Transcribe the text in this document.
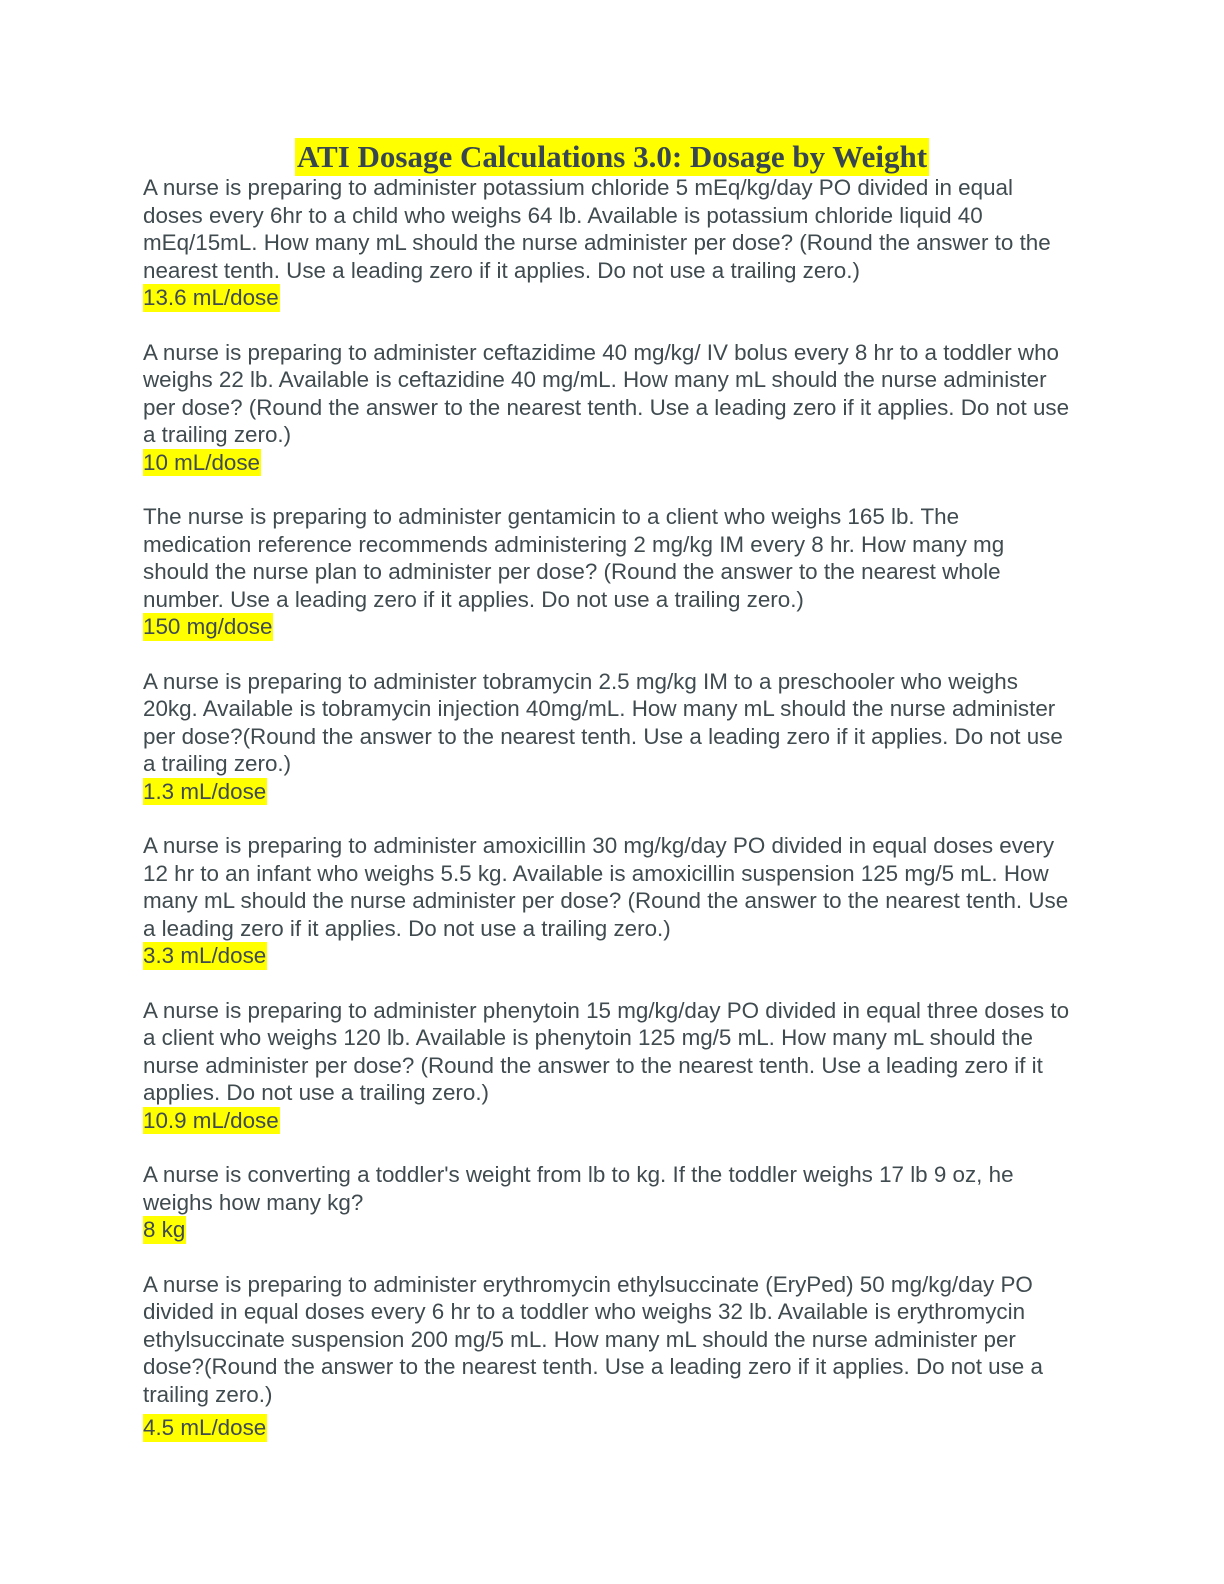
ATI Dosage Calculations 3.0: Dosage by Weight

A nurse is preparing to administer potassium chloride 5 mEq/kg/day PO divided in equal doses every 6hr to a child who weighs 64 lb. Available is potassium chloride liquid 40 mEq/15mL. How many mL should the nurse administer per dose? (Round the answer to the nearest tenth. Use a leading zero if it applies. Do not use a trailing zero.)

13.6 mL/dose

A nurse is preparing to administer ceftazidime 40 mg/kg/ IV bolus every 8 hr to a toddler who weighs 22 lb. Available is ceftazidine 40 mg/mL. How many mL should the nurse administer per dose? (Round the answer to the nearest tenth. Use a leading zero if it applies. Do not use a trailing zero.)

10 mL/dose

The nurse is preparing to administer gentamicin to a client who weighs 165 lb. The medication reference recommends administering 2 mg/kg IM every 8 hr. How many mg should the nurse plan to administer per dose? (Round the answer to the nearest whole number. Use a leading zero if it applies. Do not use a trailing zero.)

150 mg/dose

A nurse is preparing to administer tobramycin 2.5 mg/kg IM to a preschooler who weighs 20kg. Available is tobramycin injection 40mg/mL. How many mL should the nurse administer per dose?(Round the answer to the nearest tenth. Use a leading zero if it applies. Do not use a trailing zero.)

1.3 mL/dose

A nurse is preparing to administer amoxicillin 30 mg/kg/day PO divided in equal doses every 12 hr to an infant who weighs 5.5 kg. Available is amoxicillin suspension 125 mg/5 mL. How many mL should the nurse administer per dose? (Round the answer to the nearest tenth. Use a leading zero if it applies. Do not use a trailing zero.)

3.3 mL/dose

A nurse is preparing to administer phenytoin 15 mg/kg/day PO divided in equal three doses to a client who weighs 120 lb. Available is phenytoin 125 mg/5 mL. How many mL should the nurse administer per dose? (Round the answer to the nearest tenth. Use a leading zero if it applies. Do not use a trailing zero.)

10.9 mL/dose

A nurse is converting a toddler's weight from lb to kg. If the toddler weighs 17 lb 9 oz, he weighs how many kg?

8 kg

A nurse is preparing to administer erythromycin ethylsuccinate (EryPed) 50 mg/kg/day PO divided in equal doses every 6 hr to a toddler who weighs 32 lb. Available is erythromycin ethylsuccinate suspension 200 mg/5 mL. How many mL should the nurse administer per dose?(Round the answer to the nearest tenth. Use a leading zero if it applies. Do not use a trailing zero.)

4.5 mL/dose
